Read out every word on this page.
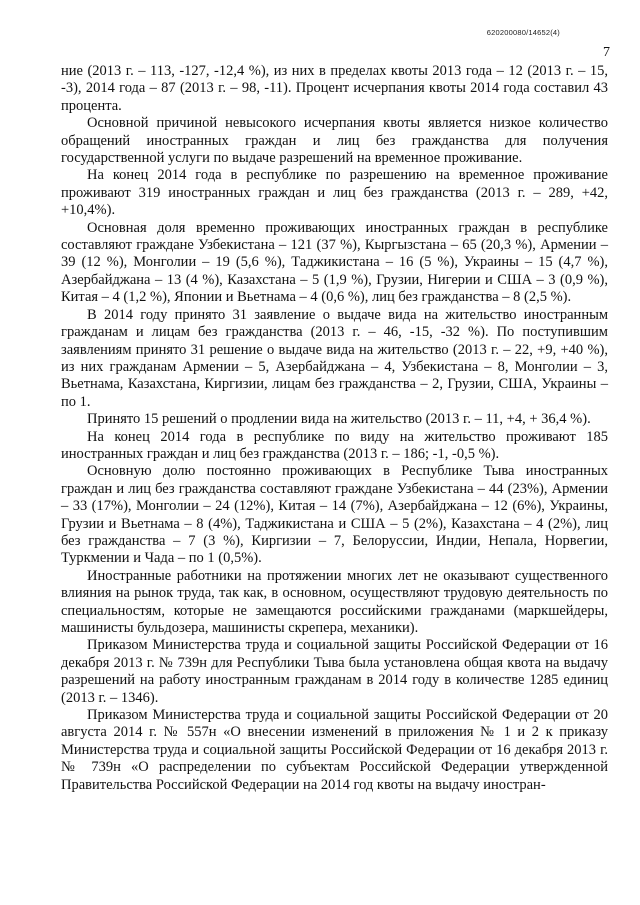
620200080/14652(4)
7

ние (2013 г. – 113, -127, -12,4 %), из них в пределах квоты 2013 года – 12 (2013 г. – 15, -3), 2014 года – 87 (2013 г. – 98, -11). Процент исчерпания квоты 2014 года составил 43 процента.

Основной причиной невысокого исчерпания квоты является низкое количество обращений иностранных граждан и лиц без гражданства для получения государственной услуги по выдаче разрешений на временное проживание.

На конец 2014 года в республике по разрешению на временное проживание проживают 319 иностранных граждан и лиц без гражданства (2013 г. – 289, +42, +10,4%).

Основная доля временно проживающих иностранных граждан в республике составляют граждане Узбекистана – 121 (37 %), Кыргызстана – 65 (20,3 %), Армении – 39 (12 %), Монголии – 19 (5,6 %), Таджикистана – 16 (5 %), Украины – 15 (4,7 %), Азербайджана – 13 (4 %), Казахстана – 5 (1,9 %), Грузии, Нигерии и США – 3 (0,9 %), Китая – 4 (1,2 %), Японии и Вьетнама – 4 (0,6 %), лиц без гражданства – 8 (2,5 %).

В 2014 году принято 31 заявление о выдаче вида на жительство иностранным гражданам и лицам без гражданства (2013 г. – 46, -15, -32 %). По поступившим заявлениям принято 31 решение о выдаче вида на жительство (2013 г. – 22, +9, +40 %), из них гражданам Армении – 5, Азербайджана – 4, Узбекистана – 8, Монголии – 3, Вьетнама, Казахстана, Киргизии, лицам без гражданства – 2, Грузии, США, Украины – по 1.

Принято 15 решений о продлении вида на жительство (2013 г. – 11, +4, + 36,4 %).

На конец 2014 года в республике по виду на жительство проживают 185 иностранных граждан и лиц без гражданства (2013 г. – 186; -1, -0,5 %).

Основную долю постоянно проживающих в Республике Тыва иностранных граждан и лиц без гражданства составляют граждане Узбекистана – 44 (23%), Армении – 33 (17%), Монголии – 24 (12%), Китая – 14 (7%), Азербайджана – 12 (6%), Украины, Грузии и Вьетнама – 8 (4%), Таджикистана и США – 5 (2%), Казахстана – 4 (2%), лиц без гражданства – 7 (3 %), Киргизии – 7, Белоруссии, Индии, Непала, Норвегии, Туркмении и Чада – по 1 (0,5%).

Иностранные работники на протяжении многих лет не оказывают существенного влияния на рынок труда, так как, в основном, осуществляют трудовую деятельность по специальностям, которые не замещаются российскими гражданами (маркшейдеры, машинисты бульдозера, машинисты скрепера, механики).

Приказом Министерства труда и социальной защиты Российской Федерации от 16 декабря 2013 г. № 739н для Республики Тыва была установлена общая квота на выдачу разрешений на работу иностранным гражданам в 2014 году в количестве 1285 единиц (2013 г. – 1346).

Приказом Министерства труда и социальной защиты Российской Федерации от 20 августа 2014 г. № 557н «О внесении изменений в приложения № 1 и 2 к приказу Министерства труда и социальной защиты Российской Федерации от 16 декабря 2013 г. № 739н «О распределении по субъектам Российской Федерации утвержденной Правительства Российской Федерации на 2014 год квоты на выдачу иностран-
